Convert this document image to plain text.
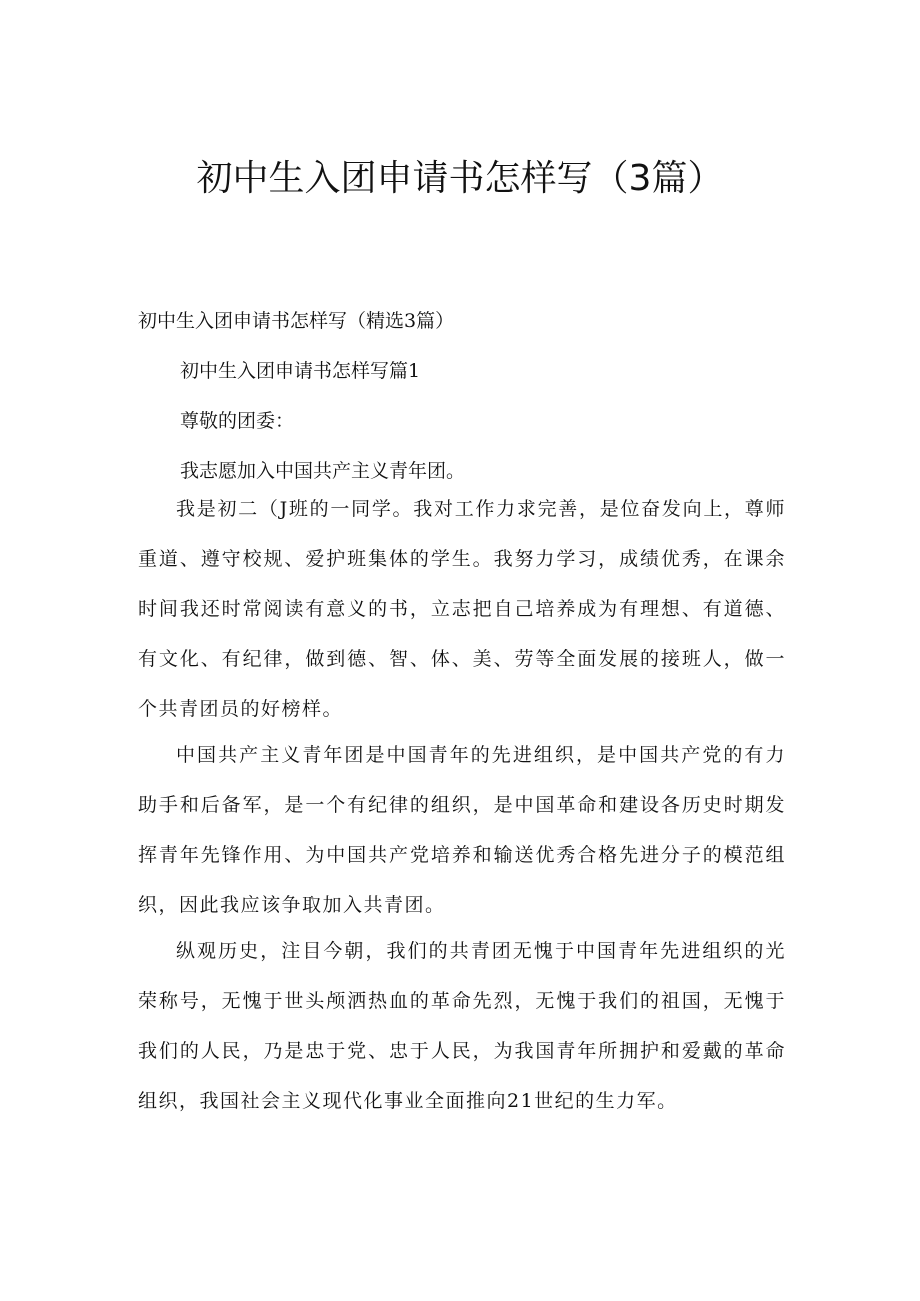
初中生入团申请书怎样写（3篇）

初中生入团申请书怎样写（精选3篇）

初中生入团申请书怎样写篇1

尊敬的团委：

我志愿加入中国共产主义青年团。

我是初二（J班的一同学。我对工作力求完善，是位奋发向上，尊师重道、遵守校规、爱护班集体的学生。我努力学习，成绩优秀，在课余时间我还时常阅读有意义的书，立志把自己培养成为有理想、有道德、有文化、有纪律，做到德、智、体、美、劳等全面发展的接班人，做一个共青团员的好榜样。

中国共产主义青年团是中国青年的先进组织，是中国共产党的有力助手和后备军，是一个有纪律的组织，是中国革命和建设各历史时期发挥青年先锋作用、为中国共产党培养和输送优秀合格先进分子的模范组织，因此我应该争取加入共青团。

纵观历史，注目今朝，我们的共青团无愧于中国青年先进组织的光荣称号，无愧于世头颅洒热血的革命先烈，无愧于我们的祖国，无愧于我们的人民，乃是忠于党、忠于人民，为我国青年所拥护和爱戴的革命组织，我国社会主义现代化事业全面推向21世纪的生力军。
